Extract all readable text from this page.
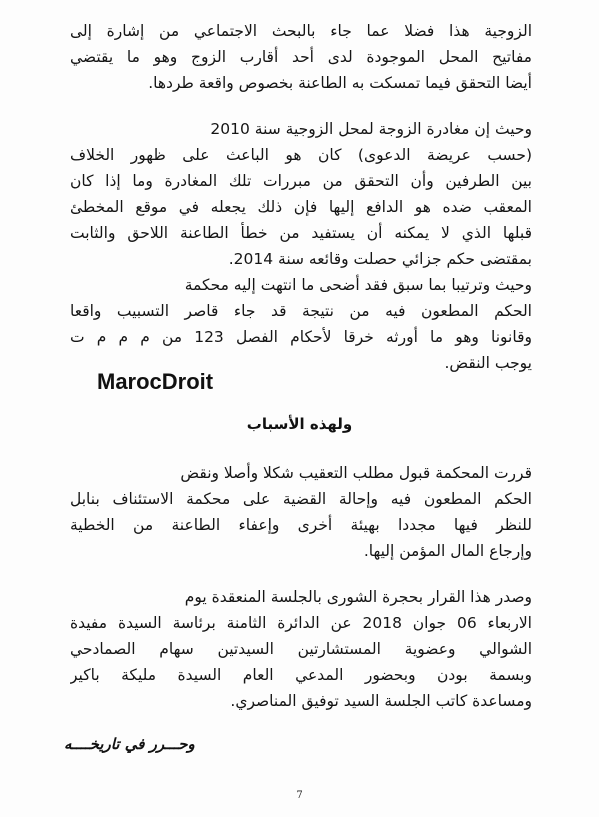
الزوجية هذا فضلا عما جاء بالبحث الاجتماعي من إشارة إلى
مفاتيح المحل الموجودة لدى أحد أقارب الزوج وهو ما يقتضي
أيضا التحقق فيما تمسكت به الطاعنة بخصوص واقعة طردها.
وحيث إن مغادرة الزوجة لمحل الزوجية سنة 2010
(حسب عريضة الدعوى) كان هو الباعث على ظهور الخلاف
بين الطرفين وأن التحقق من مبررات تلك المغادرة وما إذا كان
المعقب ضده هو الدافع إليها فإن ذلك يجعله في موقع المخطئ
قبلها الذي لا يمكنه أن يستفيد من خطأ الطاعنة اللاحق والثابت
بمقتضى حكم جزائي حصلت وقائعه سنة 2014.
وحيث وترتيبا بما سبق فقد أضحى ما انتهت إليه محكمة
الحكم المطعون فيه من نتيجة قد جاء قاصر التسبيب واقعا
وقانونا وهو ما أورثه خرقا لأحكام الفصل 123 من م م م ت
يوجب النقض.
MarocDroit
ولهذه الأسباب
قررت المحكمة قبول مطلب التعقيب شكلا وأصلا ونقض
الحكم المطعون فيه وإحالة القضية على محكمة الاستئناف بنابل
للنظر فيها مجددا بهيئة أخرى وإعفاء الطاعنة من الخطية
وإرجاع المال المؤمن إليها.
وصدر هذا القرار بحجرة الشورى بالجلسة المنعقدة يوم
الاربعاء 06 جوان 2018 عن الدائرة الثامنة برئاسة السيدة مفيدة
الشوالي وعضوية المستشارتين السيدتين سهام الصمادحي
وبسمة بودن وبحضور المدعي العام السيدة مليكة باكير
ومساعدة كاتب الجلسة السيد توفيق المناصري.
وحـــرر في تاريخــــه
7
